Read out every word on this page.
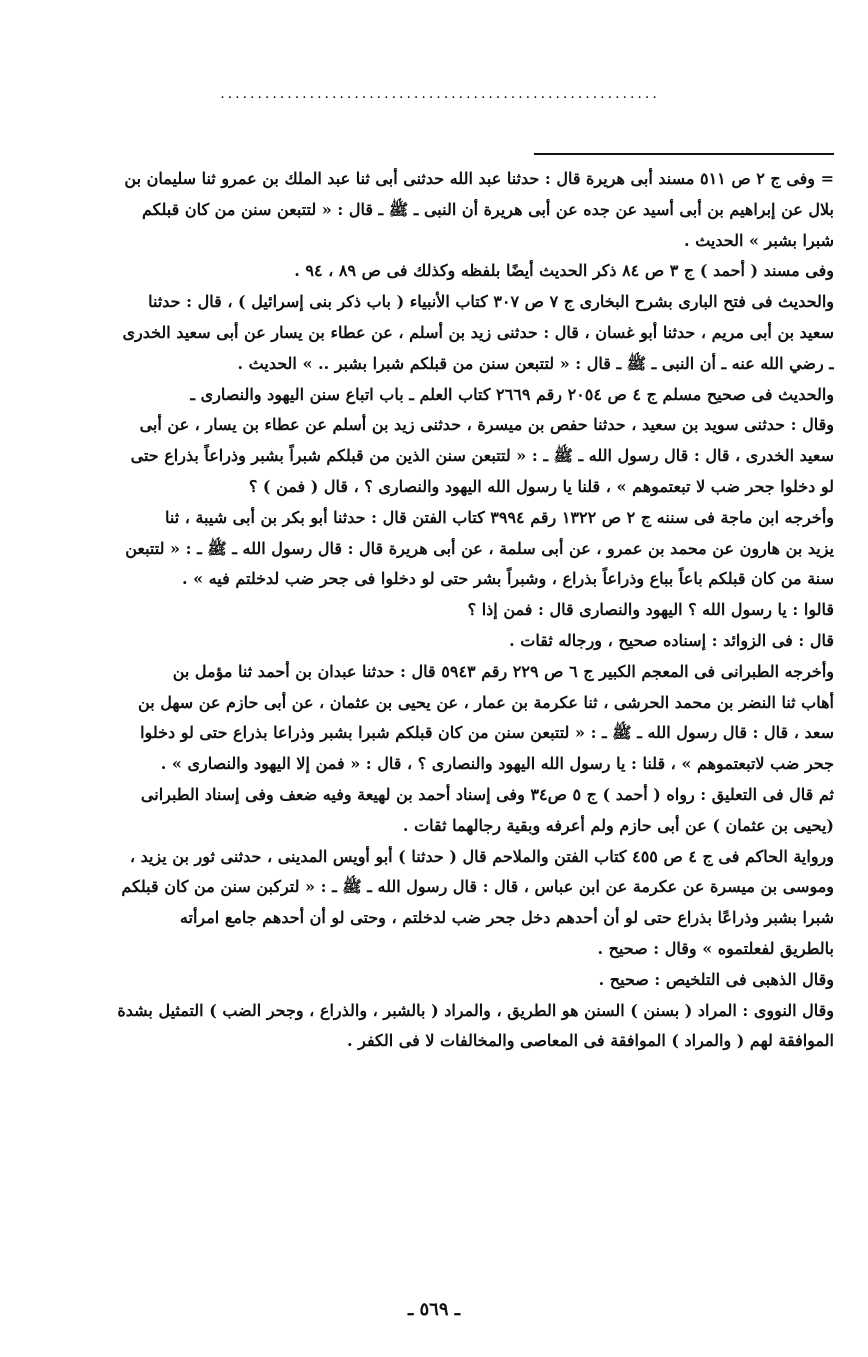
...........................................................
= وفى ج ٢ ص ٥١١ مسند أبى هريرة قال : حدثنا عبد الله حدثنى أبى ثنا عبد الملك بن عمرو ثنا سليمان بن
بلال عن إبراهيم بن أبى أسيد عن جده عن أبى هريرة أن النبى ـ ﷺ ـ قال : « لتتبعن سنن من كان قبلكم
شبرا بشبر » الحديث .
وفى مسند ( أحمد ) ج ٣ ص ٨٤ ذكر الحديث أيضًا بلفظه وكذلك فى ص ٨٩ ، ٩٤ .
والحديث فى فتح البارى بشرح البخارى ج ٧ ص ٣٠٧ كتاب الأنبياء ( باب ذكر بنى إسرائيل ) ، قال : حدثنا
سعيد بن أبى مريم ، حدثنا أبو غسان ، قال : حدثنى زيد بن أسلم ، عن عطاء بن يسار عن أبى سعيد الخدرى
ـ رضي الله عنه ـ أن النبى ـ ﷺ ـ قال : « لتتبعن سنن من قبلكم شبرا بشبر .. » الحديث .
والحديث فى صحيح مسلم ج ٤ ص ٢٠٥٤ رقم ٢٦٦٩ كتاب العلم ـ باب اتباع سنن اليهود والنصارى ـ
وقال : حدثنى سويد بن سعيد ، حدثنا حفص بن ميسرة ، حدثنى زيد بن أسلم عن عطاء بن يسار ، عن أبى
سعيد الخدرى ، قال : قال رسول الله ـ ﷺ ـ : « لتتبعن سنن الذين من قبلكم شبراً بشبر وذراعاً بذراع حتى
لو دخلوا جحر ضب لا تبعتموهم » ، قلنا يا رسول الله اليهود والنصارى ؟ ، قال ( فمن ) ؟
وأخرجه ابن ماجة فى سننه ج ٢ ص ١٣٢٢ رقم ٣٩٩٤ كتاب الفتن قال : حدثنا أبو بكر بن أبى شيبة ، ثنا
يزيد بن هارون عن محمد بن عمرو ، عن أبى سلمة ، عن أبى هريرة قال : قال رسول الله ـ ﷺ ـ : « لتتبعن
سنة من كان قبلكم باعاً بباع وذراعاً بذراع ، وشبراً بشر حتى لو دخلوا فى جحر ضب لدخلتم فيه » .
قالوا : يا رسول الله ؟ اليهود والنصارى قال : فمن إذا ؟
قال : فى الزوائد : إسناده صحيح ، ورجاله ثقات .
وأخرجه الطبرانى فى المعجم الكبير ج ٦ ص ٢٢٩ رقم ٥٩٤٣ قال : حدثنا عبدان بن أحمد ثنا مؤمل بن
أهاب ثنا النضر بن محمد الحرشى ، ثنا عكرمة بن عمار ، عن يحيى بن عثمان ، عن أبى حازم عن سهل بن
سعد ، قال : قال رسول الله ـ ﷺ ـ : « لتتبعن سنن من كان قبلكم شبرا بشبر وذراعا بذراع حتى لو دخلوا
جحر ضب لاتبعتموهم » ، قلنا : يا رسول الله اليهود والنصارى ؟ ، قال : « فمن إلا اليهود والنصارى » .
ثم قال فى التعليق : رواه ( أحمد ) ج ٥ ص٣٤ وفى إسناد أحمد بن لهيعة وفيه ضعف وفى إسناد الطبرانى
(يحيى بن عثمان ) عن أبى حازم ولم أعرفه وبقية رجالهما ثقات .
ورواية الحاكم فى ج ٤ ص ٤٥٥ كتاب الفتن والملاحم قال ( حدثنا ) أبو أويس المدينى ، حدثنى ثور بن يزيد ،
وموسى بن ميسرة عن عكرمة عن ابن عباس ، قال : قال رسول الله ـ ﷺ ـ : « لتركبن سنن من كان قبلكم
شبرا بشبر وذراعًا بذراع حتى لو أن أحدهم دخل جحر ضب لدخلتم ، وحتى لو أن أحدهم جامع امرأته
بالطريق لفعلتموه » وقال : صحيح .
وقال الذهبى فى التلخيص : صحيح .
وقال النووى : المراد ( بسنن ) السنن هو الطريق ، والمراد ( بالشبر ، والذراع ، وجحر الضب ) التمثيل بشدة
الموافقة لهم ( والمراد ) الموافقة فى المعاصى والمخالفات لا فى الكفر .
ـ ٥٦٩ ـ
